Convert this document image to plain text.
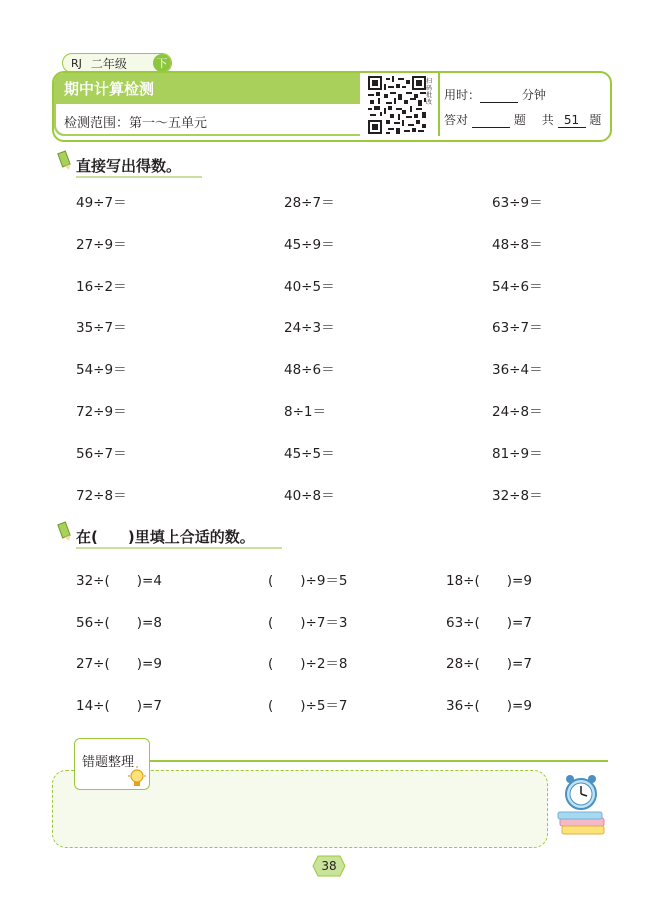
RJ 二年级	下
期中计算检测
检测范围：第一～五单元
扫码批改
用时：	分钟
答对	题 共 51 题
直接写出得数。
49÷7＝	28÷7＝	63÷9＝
27÷9＝	45÷9＝	48÷8＝
16÷2＝	40÷5＝	54÷6＝
35÷7＝	24÷3＝	63÷7＝
54÷9＝	48÷6＝	36÷4＝
72÷9＝	8÷1＝	24÷8＝
56÷7＝	45÷5＝	81÷9＝
72÷8＝	40÷8＝	32÷8＝
在(　　)里填上合适的数。
32÷(　　)=4	(　　)÷9＝5	18÷(　　)=9
56÷(　　)=8	(　　)÷7＝3	63÷(　　)=7
27÷(　　)=9	(　　)÷2＝8	28÷(　　)=7
14÷(　　)=7	(　　)÷5＝7	36÷(　　)=9
错题整理
38
